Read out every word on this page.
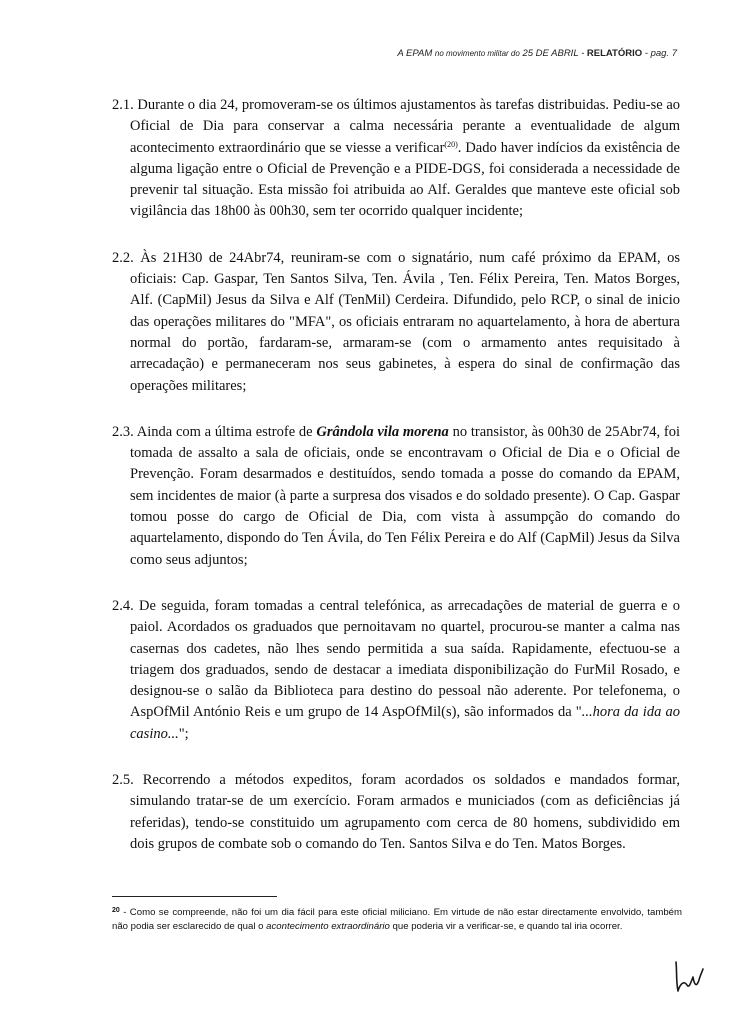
A EPAM no movimento militar do 25 DE ABRIL - RELATÓRIO - pag. 7

2.1. Durante o dia 24, promoveram-se os últimos ajustamentos às tarefas distribuidas. Pediu-se ao Oficial de Dia para conservar a calma necessária perante a eventualidade de algum acontecimento extraordinário que se viesse a verificar$^{(20)}$. Dado haver indícios da existência de alguma ligação entre o Oficial de Prevenção e a PIDE-DGS, foi considerada a necessidade de prevenir tal situação. Esta missão foi atribuida ao Alf. Geraldes que manteve este oficial sob vigilância das 18h00 às 00h30, sem ter ocorrido qualquer incidente;

2.2. Às 21H30 de 24Abr74, reuniram-se com o signatário, num café próximo da EPAM, os oficiais: Cap. Gaspar, Ten Santos Silva, Ten. Ávila , Ten. Félix Pereira, Ten. Matos Borges, Alf. (CapMil) Jesus da Silva e Alf (TenMil) Cerdeira. Difundido, pelo RCP, o sinal de inicio das operações militares do "MFA", os oficiais entraram no aquartelamento, à hora de abertura normal do portão, fardaram-se, armaram-se (com o armamento antes requisitado à arrecadação) e permaneceram nos seus gabinetes, à espera do sinal de confirmação das operações militares;

2.3. Ainda com a última estrofe de Grândola vila morena no transistor, às 00h30 de 25Abr74, foi tomada de assalto a sala de oficiais, onde se encontravam o Oficial de Dia e o Oficial de Prevenção. Foram desarmados e destituídos, sendo tomada a posse do comando da EPAM, sem incidentes de maior (à parte a surpresa dos visados e do soldado presente). O Cap. Gaspar tomou posse do cargo de Oficial de Dia, com vista à assumpção do comando do aquartelamento, dispondo do Ten Ávila, do Ten Félix Pereira e do Alf (CapMil) Jesus da Silva como seus adjuntos;

2.4. De seguida, foram tomadas a central telefónica, as arrecadações de material de guerra e o paiol. Acordados os graduados que pernoitavam no quartel, procurou-se manter a calma nas casernas dos cadetes, não lhes sendo permitida a sua saída. Rapidamente, efectuou-se a triagem dos graduados, sendo de destacar a imediata disponibilização do FurMil Rosado, e designou-se o salão da Biblioteca para destino do pessoal não aderente. Por telefonema, o AspOfMil António Reis e um grupo de 14 AspOfMil(s), são informados da "...hora da ida ao casino...";

2.5. Recorrendo a métodos expeditos, foram acordados os soldados e mandados formar, simulando tratar-se de um exercício. Foram armados e municiados (com as deficiências já referidas), tendo-se constituido um agrupamento com cerca de 80 homens, subdividido em dois grupos de combate sob o comando do Ten. Santos Silva e do Ten. Matos Borges.

$^{20}$ - Como se compreende, não foi um dia fácil para este oficial miliciano. Em virtude de não estar directamente envolvido, também não podia ser esclarecido de qual o acontecimento extraordinário que poderia vir a verificar-se, e quando tal iria ocorrer.
